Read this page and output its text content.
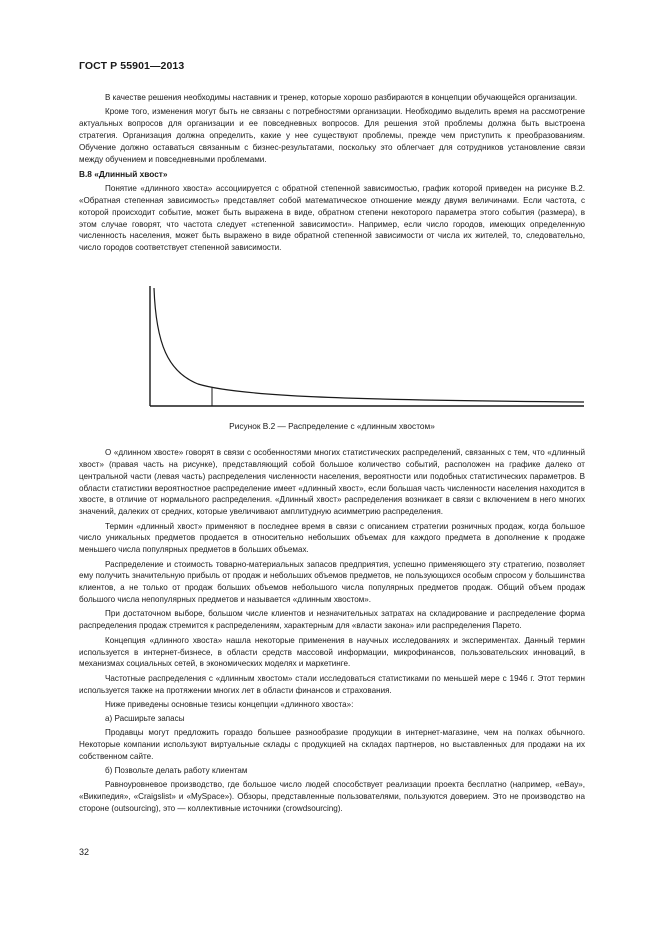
ГОСТ Р 55901—2013

В качестве решения необходимы наставник и тренер, которые хорошо разбираются в концепции обучающейся организации.

Кроме того, изменения могут быть не связаны с потребностями организации. Необходимо выделить время на рассмотрение актуальных вопросов для организации и ее повседневных вопросов. Для решения этой проблемы должна быть выстроена стратегия. Организация должна определить, какие у нее существуют проблемы, прежде чем приступить к преобразованиям. Обучение должно оставаться связанным с бизнес-результатами, поскольку это облегчает для сотрудников установление связи между обучением и повседневными проблемами.

В.8 «Длинный хвост»

Понятие «длинного хвоста» ассоциируется с обратной степенной зависимостью, график которой приведен на рисунке В.2. «Обратная степенная зависимость» представляет собой математическое отношение между двумя величинами. Если частота, с которой происходит событие, может быть выражена в виде, обратном степени некоторого параметра этого события (размера), в этом случае говорят, что частота следует «степенной зависимости». Например, если число городов, имеющих определенную численность населения, может быть выражено в виде обратной степенной зависимости от числа их жителей, то, следовательно, число городов соответствует степенной зависимости.

Рисунок В.2 — Распределение с «длинным хвостом»

О «длинном хвосте» говорят в связи с особенностями многих статистических распределений, связанных с тем, что «длинный хвост» (правая часть на рисунке), представляющий собой большое количество событий, расположен на графике далеко от центральной части (левая часть) распределения численности населения, вероятности или подобных статистических параметров. В области статистики вероятностное распределение имеет «длинный хвост», если большая часть численности населения находится в хвосте, в отличие от нормального распределения. «Длинный хвост» распределения возникает в связи с включением в него многих значений, далеких от средних, которые увеличивают амплитудную асимметрию распределения.

Термин «длинный хвост» применяют в последнее время в связи с описанием стратегии розничных продаж, когда большое число уникальных предметов продается в относительно небольших объемах для каждого предмета в дополнение к продаже меньшего числа популярных предметов в больших объемах.

Распределение и стоимость товарно-материальных запасов предприятия, успешно применяющего эту стратегию, позволяет ему получить значительную прибыль от продаж и небольших объемов предметов, не пользующихся особым спросом у большинства клиентов, а не только от продаж больших объемов небольшого числа популярных предметов продаж. Общий объем продаж большого числа непопулярных предметов и называется «длинным хвостом».

При достаточном выборе, большом числе клиентов и незначительных затратах на складирование и распределение форма распределения продаж стремится к распределениям, характерным для «власти закона» или распределения Парето.

Концепция «длинного хвоста» нашла некоторые применения в научных исследованиях и экспериментах. Данный термин используется в интернет-бизнесе, в области средств массовой информации, микрофинансов, пользовательских инноваций, в механизмах социальных сетей, в экономических моделях и маркетинге.

Частотные распределения с «длинным хвостом» стали исследоваться статистиками по меньшей мере с 1946 г. Этот термин используется также на протяжении многих лет в области финансов и страхования.

Ниже приведены основные тезисы концепции «длинного хвоста»:

а) Расширьте запасы

Продавцы могут предложить гораздо большее разнообразие продукции в интернет-магазине, чем на полках обычного. Некоторые компании используют виртуальные склады с продукцией на складах партнеров, но выставленных для продажи на их собственном сайте.

б) Позвольте делать работу клиентам

Равноуровневое производство, где большое число людей способствует реализации проекта бесплатно (например, «eBay», «Википедия», «Craigslist» и «MySpace»). Обзоры, представленные пользователями, пользуются доверием. Это не производство на стороне (outsourcing), это — коллективные источники (crowdsourcing).

32
